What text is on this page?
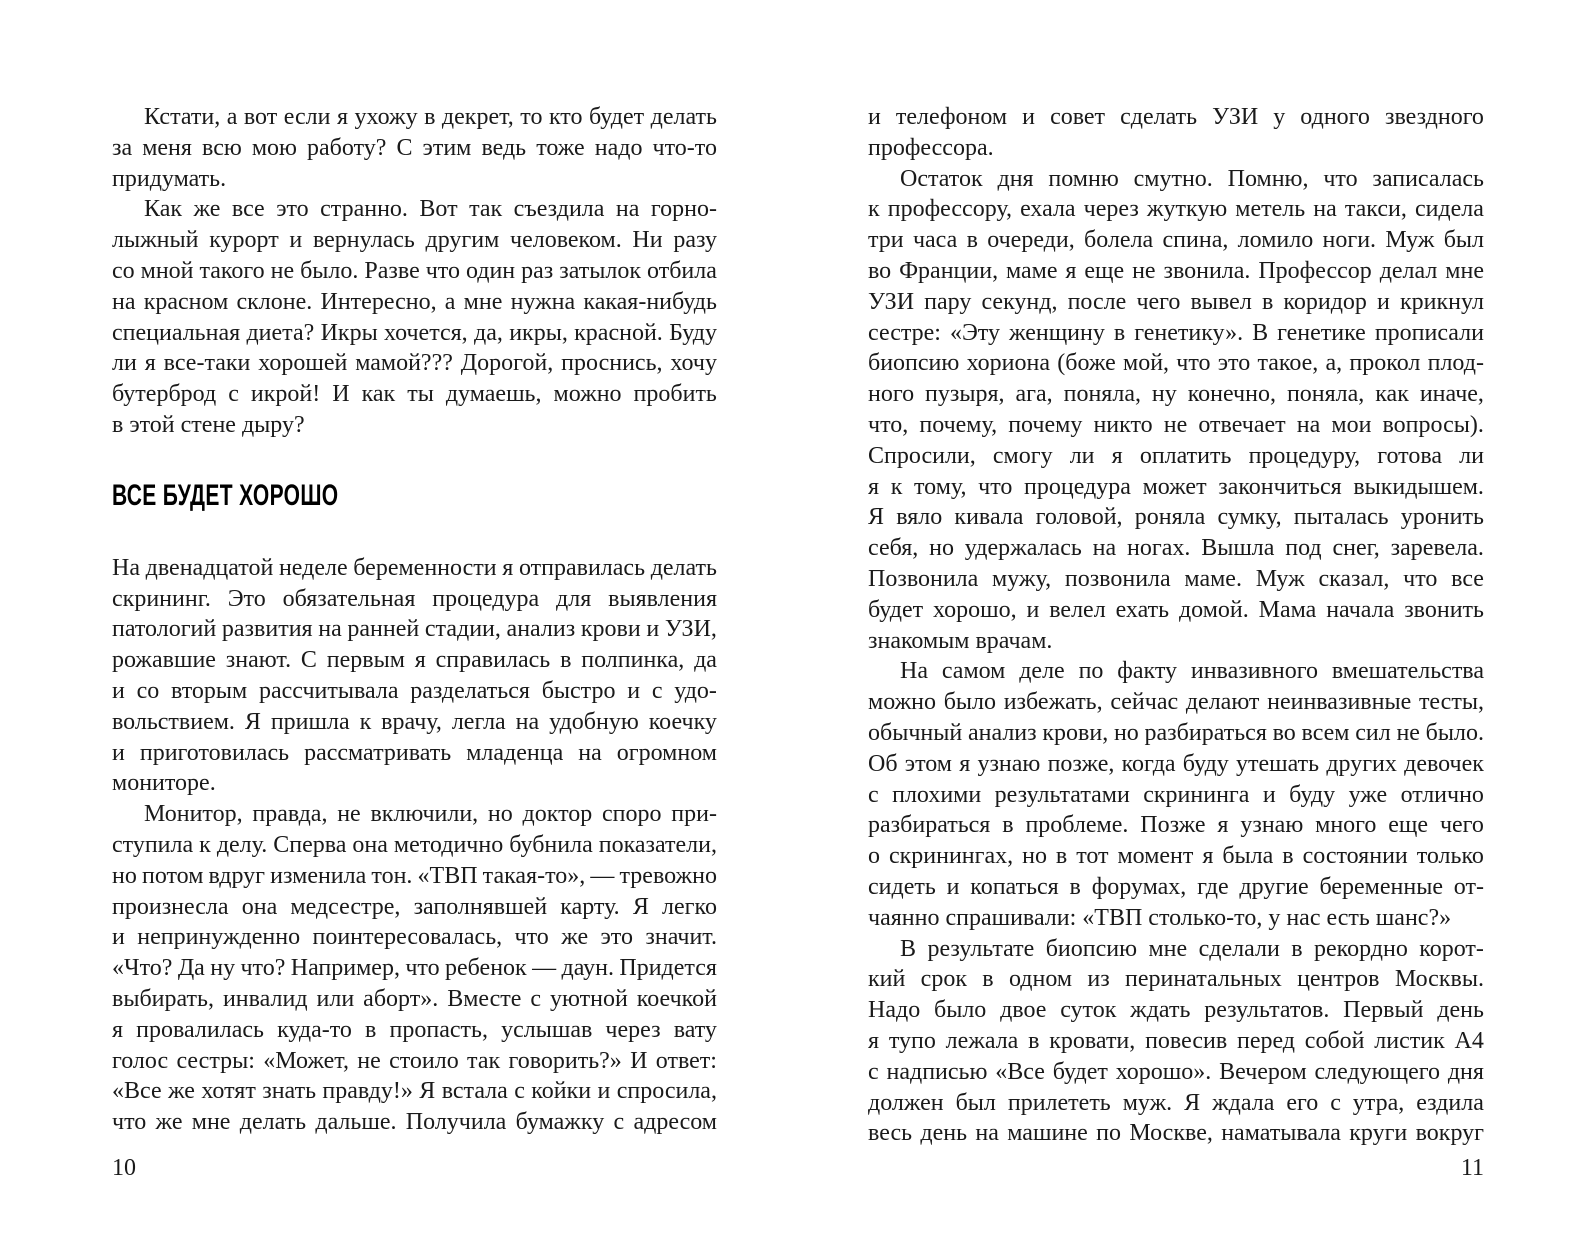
Кстати, а вот если я ухожу в декрет, то кто будет делать
за меня всю мою работу? С этим ведь тоже надо что-то
придумать.
Как же все это странно. Вот так съездила на горно-
лыжный курорт и вернулась другим человеком. Ни разу
со мной такого не было. Разве что один раз затылок отбила
на красном склоне. Интересно, а мне нужна какая-нибудь
специальная диета? Икры хочется, да, икры, красной. Буду
ли я все-таки хорошей мамой??? Дорогой, проснись, хочу
бутерброд с икрой! И как ты думаешь, можно пробить
в этой стене дыру?
ВСЕ БУДЕТ ХОРОШО
На двенадцатой неделе беременности я отправилась делать
скрининг. Это обязательная процедура для выявления
патологий развития на ранней стадии, анализ крови и УЗИ,
рожавшие знают. С первым я справилась в полпинка, да
и со вторым рассчитывала разделаться быстро и с удо-
вольствием. Я пришла к врачу, легла на удобную коечку
и приготовилась рассматривать младенца на огромном
мониторе.
Монитор, правда, не включили, но доктор споро при-
ступила к делу. Сперва она методично бубнила показатели,
но потом вдруг изменила тон. «ТВП такая-то», — тревожно
произнесла она медсестре, заполнявшей карту. Я легко
и непринужденно поинтересовалась, что же это значит.
«Что? Да ну что? Например, что ребенок — даун. Придется
выбирать, инвалид или аборт». Вместе с уютной коечкой
я провалилась куда-то в пропасть, услышав через вату
голос сестры: «Может, не стоило так говорить?» И ответ:
«Все же хотят знать правду!» Я встала с койки и спросила,
что же мне делать дальше. Получила бумажку с адресом
10
и телефоном и совет сделать УЗИ у одного звездного
профессора.
Остаток дня помню смутно. Помню, что записалась
к профессору, ехала через жуткую метель на такси, сидела
три часа в очереди, болела спина, ломило ноги. Муж был
во Франции, маме я еще не звонила. Профессор делал мне
УЗИ пару секунд, после чего вывел в коридор и крикнул
сестре: «Эту женщину в генетику». В генетике прописали
биопсию хориона (боже мой, что это такое, а, прокол плод-
ного пузыря, ага, поняла, ну конечно, поняла, как иначе,
что, почему, почему никто не отвечает на мои вопросы).
Спросили, смогу ли я оплатить процедуру, готова ли
я к тому, что процедура может закончиться выкидышем.
Я вяло кивала головой, роняла сумку, пыталась уронить
себя, но удержалась на ногах. Вышла под снег, заревела.
Позвонила мужу, позвонила маме. Муж сказал, что все
будет хорошо, и велел ехать домой. Мама начала звонить
знакомым врачам.
На самом деле по факту инвазивного вмешательства
можно было избежать, сейчас делают неинвазивные тесты,
обычный анализ крови, но разбираться во всем сил не было.
Об этом я узнаю позже, когда буду утешать других девочек
с плохими результатами скрининга и буду уже отлично
разбираться в проблеме. Позже я узнаю много еще чего
о скринингах, но в тот момент я была в состоянии только
сидеть и копаться в форумах, где другие беременные от-
чаянно спрашивали: «ТВП столько-то, у нас есть шанс?»
В результате биопсию мне сделали в рекордно корот-
кий срок в одном из перинатальных центров Москвы.
Надо было двое суток ждать результатов. Первый день
я тупо лежала в кровати, повесив перед собой листик А4
с надписью «Все будет хорошо». Вечером следующего дня
должен был прилететь муж. Я ждала его с утра, ездила
весь день на машине по Москве, наматывала круги вокруг
11
